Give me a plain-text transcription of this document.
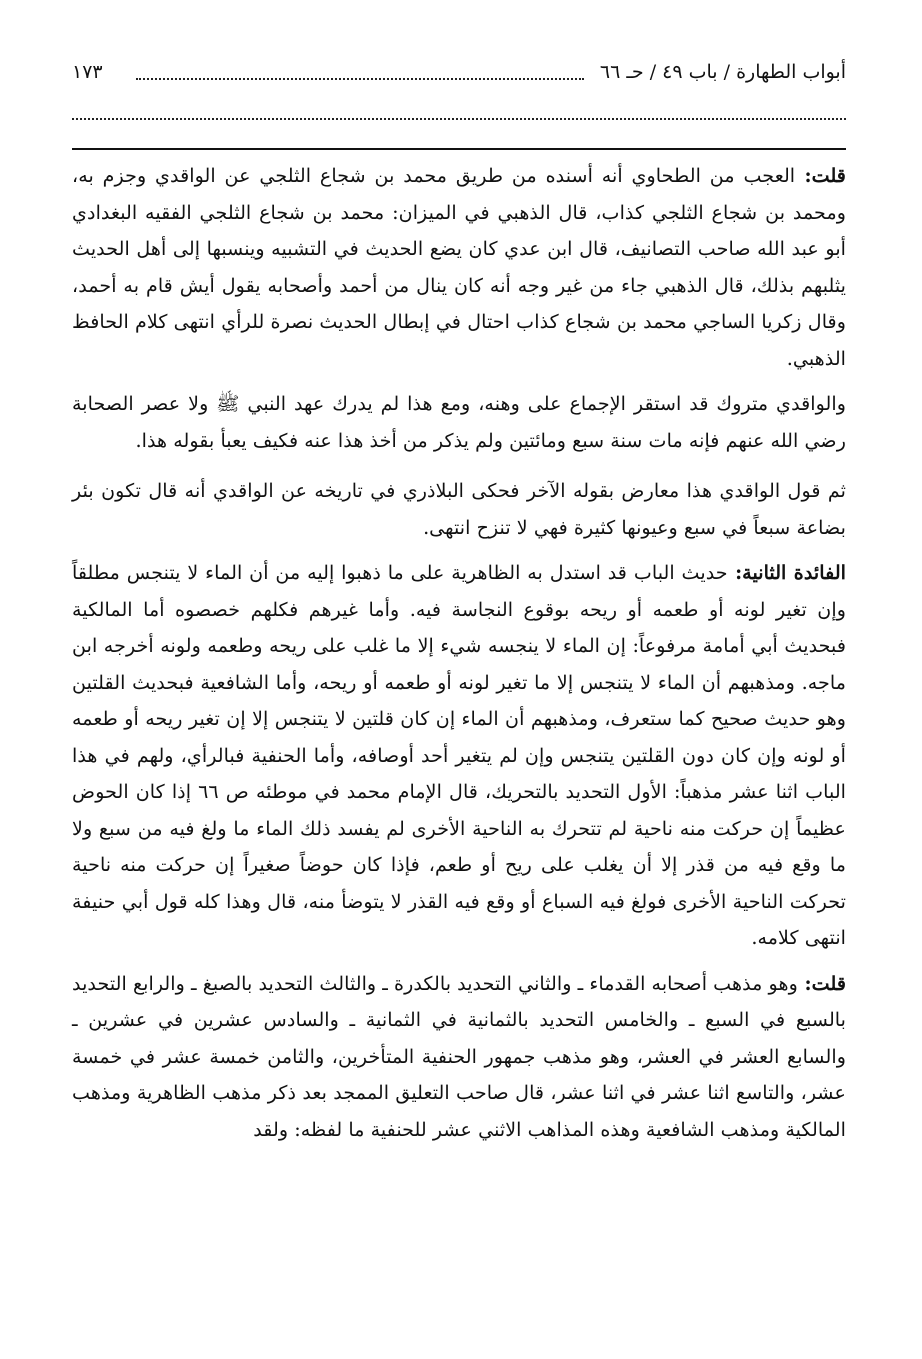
أبواب الطهارة / باب ٤٩ / حـ ٦٦
١٧٣

قلت: العجب من الطحاوي أنه أسنده من طريق محمد بن شجاع الثلجي عن الواقدي وجزم به، ومحمد بن شجاع الثلجي كذاب، قال الذهبي في الميزان: محمد بن شجاع الثلجي الفقيه البغدادي أبو عبد الله صاحب التصانيف، قال ابن عدي كان يضع الحديث في التشبيه وينسبها إلى أهل الحديث يثلبهم بذلك، قال الذهبي جاء من غير وجه أنه كان ينال من أحمد وأصحابه يقول أيش قام به أحمد، وقال زكريا الساجي محمد بن شجاع كذاب احتال في إبطال الحديث نصرة للرأي انتهى كلام الحافظ الذهبي.

والواقدي متروك قد استقر الإجماع على وهنه، ومع هذا لم يدرك عهد النبي ﷺ ولا عصر الصحابة رضي الله عنهم فإنه مات سنة سبع ومائتين ولم يذكر من أخذ هذا عنه فكيف يعبأ بقوله هذا.

ثم قول الواقدي هذا معارض بقوله الآخر فحكى البلاذري في تاريخه عن الواقدي أنه قال تكون بئر بضاعة سبعاً في سبع وعيونها كثيرة فهي لا تنزح انتهى.

الفائدة الثانية: حديث الباب قد استدل به الظاهرية على ما ذهبوا إليه من أن الماء لا يتنجس مطلقاً وإن تغير لونه أو طعمه أو ريحه بوقوع النجاسة فيه. وأما غيرهم فكلهم خصصوه أما المالكية فبحديث أبي أمامة مرفوعاً: إن الماء لا ينجسه شيء إلا ما غلب على ريحه وطعمه ولونه أخرجه ابن ماجه. ومذهبهم أن الماء لا يتنجس إلا ما تغير لونه أو طعمه أو ريحه، وأما الشافعية فبحديث القلتين وهو حديث صحيح كما ستعرف، ومذهبهم أن الماء إن كان قلتين لا يتنجس إلا إن تغير ريحه أو طعمه أو لونه وإن كان دون القلتين يتنجس وإن لم يتغير أحد أوصافه، وأما الحنفية فبالرأي، ولهم في هذا الباب اثنا عشر مذهباً: الأول التحديد بالتحريك، قال الإمام محمد في موطئه ص ٦٦ إذا كان الحوض عظيماً إن حركت منه ناحية لم تتحرك به الناحية الأخرى لم يفسد ذلك الماء ما ولغ فيه من سبع ولا ما وقع فيه من قذر إلا أن يغلب على ريح أو طعم، فإذا كان حوضاً صغيراً إن حركت منه ناحية تحركت الناحية الأخرى فولغ فيه السباع أو وقع فيه القذر لا يتوضأ منه، قال وهذا كله قول أبي حنيفة انتهى كلامه.

قلت: وهو مذهب أصحابه القدماء ـ والثاني التحديد بالكدرة ـ والثالث التحديد بالصبغ ـ والرابع التحديد بالسبع في السبع ـ والخامس التحديد بالثمانية في الثمانية ـ والسادس عشرين في عشرين ـ والسابع العشر في العشر، وهو مذهب جمهور الحنفية المتأخرين، والثامن خمسة عشر في خمسة عشر، والتاسع اثنا عشر في اثنا عشر، قال صاحب التعليق الممجد بعد ذكر مذهب الظاهرية ومذهب المالكية ومذهب الشافعية وهذه المذاهب الاثني عشر للحنفية ما لفظه: ولقد
